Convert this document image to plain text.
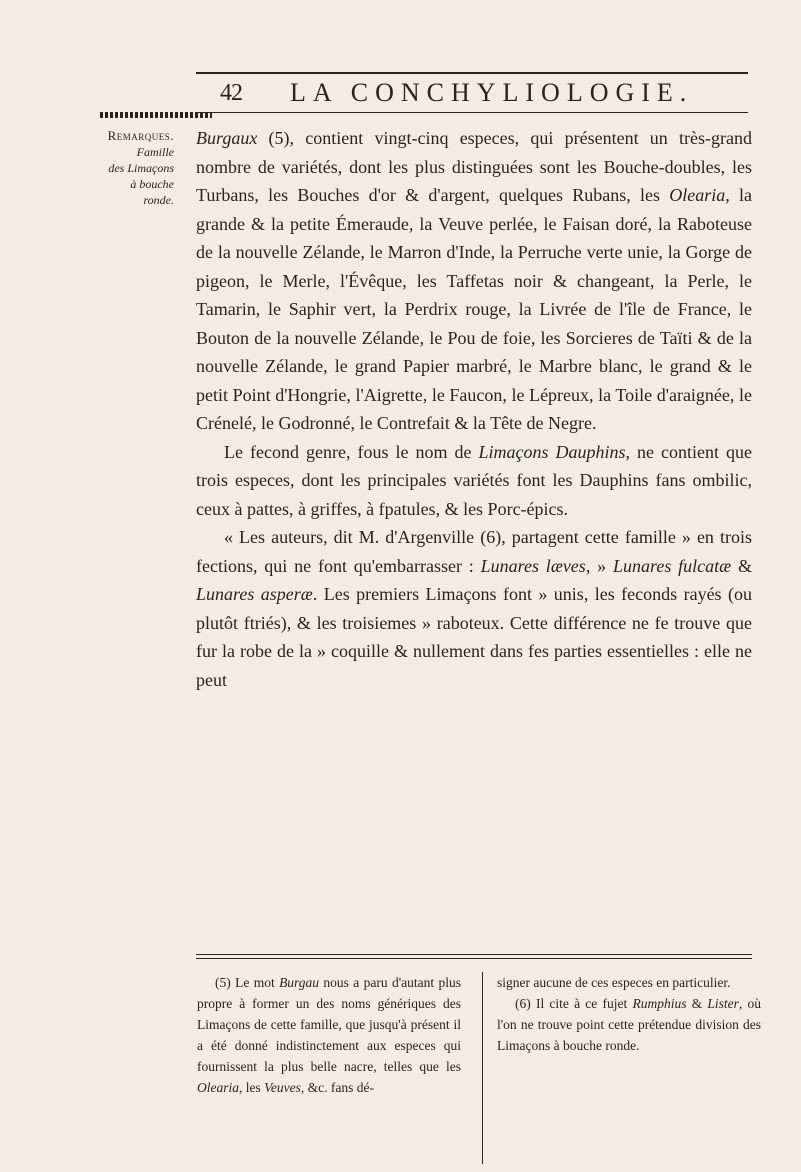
42 LA CONCHYLIOLOGIE.
Remarques.
Famille
des Limaçons
à bouche
ronde.

Burgaux (5), contient vingt-cinq especes, qui présentent un très-grand nombre de variétés, dont les plus distinguées sont les Bouche-doubles, les Turbans, les Bouches d'or & d'argent, quelques Rubans, les Olearia, la grande & la petite Émeraude, la Veuve perlée, le Faisan doré, la Raboteuse de la nouvelle Zélande, le Marron d'Inde, la Perruche verte unie, la Gorge de pigeon, le Merle, l'Évêque, les Taffetas noir & changeant, la Perle, le Tamarin, le Saphir vert, la Perdrix rouge, la Livrée de l'île de France, le Bouton de la nouvelle Zélande, le Pou de foie, les Sorcieres de Taïti & de la nouvelle Zélande, le grand Papier marbré, le Marbre blanc, le grand & le petit Point d'Hongrie, l'Aigrette, le Faucon, le Lépreux, la Toile d'araignée, le Crénelé, le Godronné, le Contrefait & la Tête de Negre.

Le fecond genre, fous le nom de Limaçons Dauphins, ne contient que trois especes, dont les principales variétés font les Dauphins fans ombilic, ceux à pattes, à griffes, à fpatules, & les Porc-épics.

« Les auteurs, dit M. d'Argenville (6), partagent cette famille » en trois fections, qui ne font qu'embarrasser : Lunares læves, » Lunares fulcatæ & Lunares asperæ. Les premiers Limaçons font » unis, les feconds rayés (ou plutôt ftriés), & les troisiemes » raboteux. Cette différence ne fe trouve que fur la robe de la » coquille & nullement dans fes parties essentielles : elle ne peut

(5) Le mot Burgau nous a paru d'autant plus propre à former un des noms génériques des Limaçons de cette famille, que jusqu'à présent il a été donné indistinctement aux especes qui fournissent la plus belle nacre, telles que les Olearia, les Veuves, &c. fans dé-

signer aucune de ces especes en particulier.

(6) Il cite à ce fujet Rumphius & Lister, où l'on ne trouve point cette prétendue division des Limaçons à bouche ronde.
